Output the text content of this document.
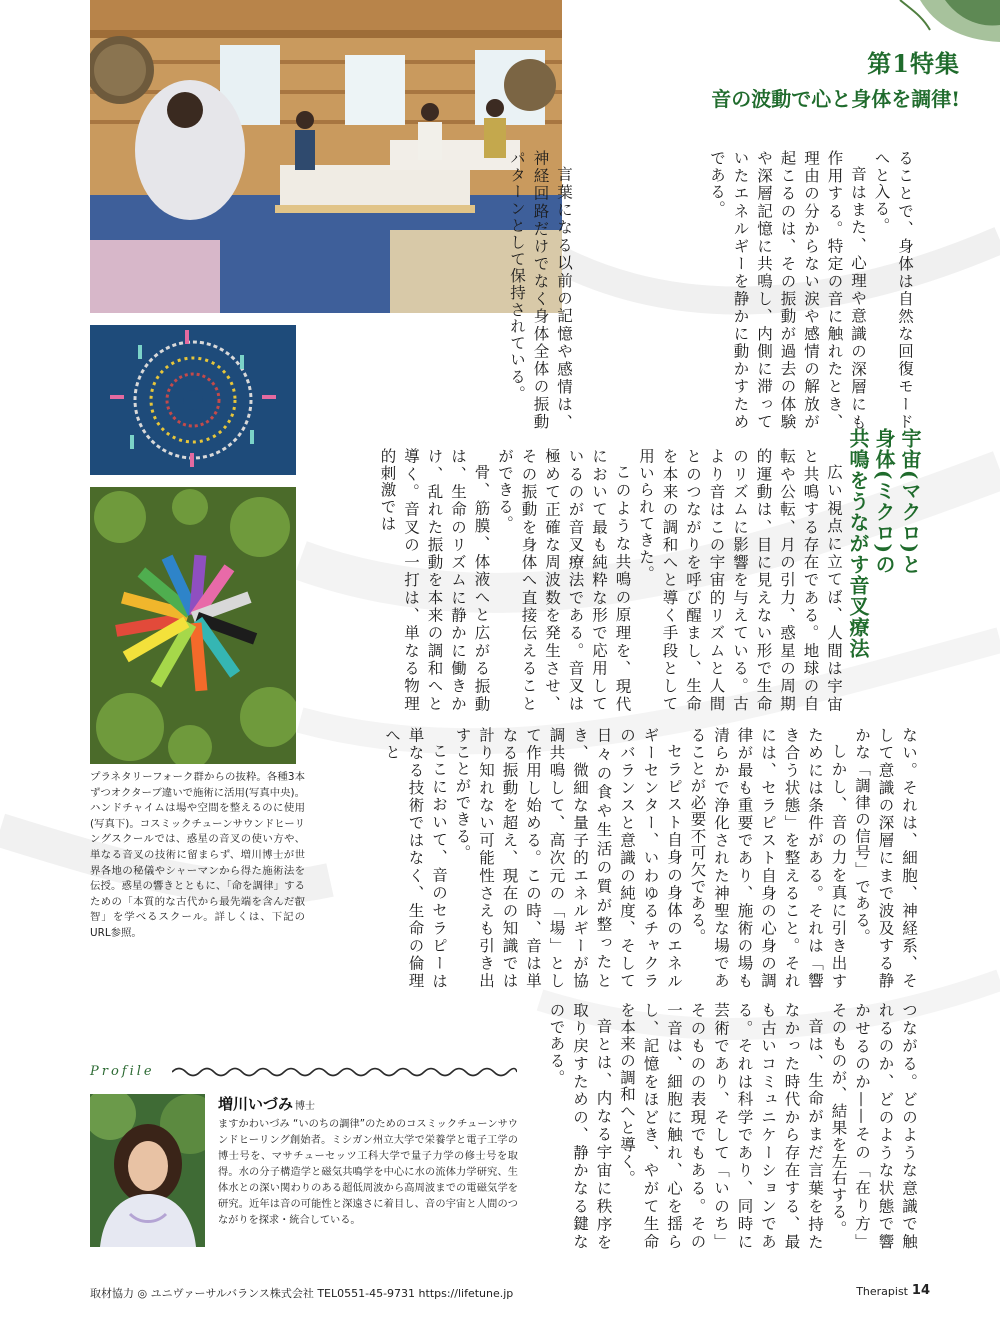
第1特集
音の波動で心と身体を調律!

ることで、身体は自然な回復モードへと入る。

音はまた、心理や意識の深層にも作用する。特定の音に触れたとき、理由の分からない涙や感情の解放が起こるのは、その振動が過去の体験や深層記憶に共鳴し、内側に滞っていたエネルギーを静かに動かすためである。

言葉になる以前の記憶や感情は、神経回路だけでなく身体全体の振動パターンとして保持されている。

宇宙(マクロ)と
身体(ミクロ)の
共鳴をうながす音叉療法

広い視点に立てば、人間は宇宙と共鳴する存在である。地球の自転や公転、月の引力、惑星の周期的運動は、目に見えない形で生命のリズムに影響を与えている。古より音はこの宇宙的リズムと人間とのつながりを呼び醒まし、生命を本来の調和へと導く手段として用いられてきた。

このような共鳴の原理を、現代において最も純粋な形で応用しているのが音叉療法である。音叉は極めて正確な周波数を発生させ、その振動を身体へ直接伝えることができる。

骨、筋膜、体液へと広がる振動は、生命のリズムに静かに働きかけ、乱れた振動を本来の調和へと導く。音叉の一打は、単なる物理的刺激では

ない。それは、細胞、神経系、そして意識の深層にまで波及する静かな「調律の信号」である。

しかし、音の力を真に引き出すためには条件がある。それは「響き合う状態」を整えること。それには、セラピスト自身の心身の調律が最も重要であり、施術の場も清らかで浄化された神聖な場であることが必要不可欠である。

セラピスト自身の身体のエネルギーセンター、いわゆるチャクラのバランスと意識の純度、そして日々の食や生活の質が整ったとき、微細な量子的エネルギーが協調共鳴して、高次元の「場」として作用し始める。この時、音は単なる振動を超え、現在の知識では計り知れない可能性さえも引き出すことができる。

ここにおいて、音のセラピーは単なる技術ではなく、生命の倫理へと

つながる。どのような意識で触れるのか、どのような状態で響かせるのか——その「在り方」そのものが、結果を左右する。

音は、生命がまだ言葉を持たなかった時代から存在する、最も古いコミュニケーションである。それは科学であり、同時に芸術であり、そして「いのち」そのものの表現でもある。その一音は、細胞に触れ、心を揺らし、記憶をほどき、やがて生命を本来の調和へと導く。

音とは、内なる宇宙に秩序を取り戻すための、静かなる鍵なのである。

プラネタリーフォーク群からの抜粋。各種3本ずつオクターブ違いで施術に活用(写真中央)。ハンドチャイムは場や空間を整えるのに使用(写真下)。コスミックチューンサウンドヒーリングスクールでは、惑星の音叉の使い方や、単なる音叉の技術に留まらず、増川博士が世界各地の秘儀やシャーマンから得た施術法を伝授。惑星の響きとともに、「命を調律」するための「本質的な古代から最先端を含んだ叡智」を学べるスクール。詳しくは、下記のURL参照。
Profile
増川いづみ 博士
ますかわいづみ “いのちの調律”のためのコスミックチューンサウンドヒーリング創始者。ミシガン州立大学で栄養学と電子工学の博士号を、マサチューセッツ工科大学で量子力学の修士号を取得。水の分子構造学と磁気共鳴学を中心に水の流体力学研究、生体水との深い関わりのある超低周波から高周波までの電磁気学を研究。近年は音の可能性と深遠さに着目し、音の宇宙と人間のつながりを探求・統合している。
取材協力 ◎ ユニヴァーサルバランス株式会社 TEL0551-45-9731 https://lifetune.jp	Therapist 14
